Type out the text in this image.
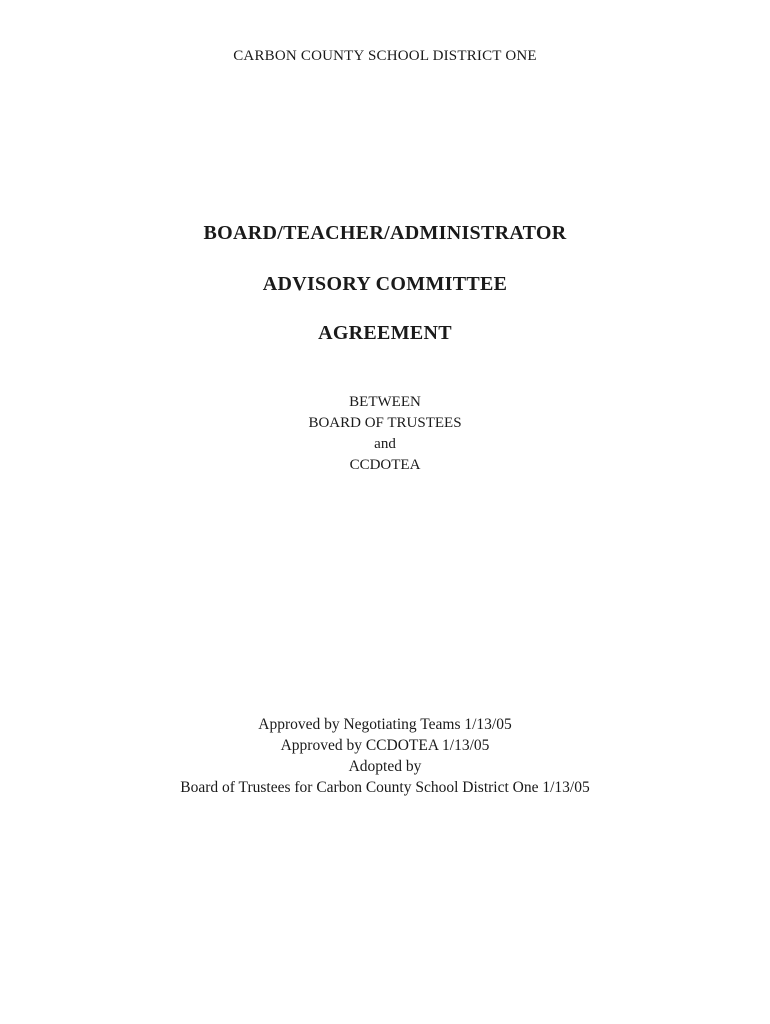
CARBON COUNTY SCHOOL DISTRICT ONE
BOARD/TEACHER/ADMINISTRATOR
ADVISORY COMMITTEE
AGREEMENT
BETWEEN
BOARD OF TRUSTEES
and
CCDOTEA
Approved by Negotiating Teams 1/13/05
Approved by CCDOTEA 1/13/05
Adopted by
Board of Trustees for Carbon County School District One 1/13/05
